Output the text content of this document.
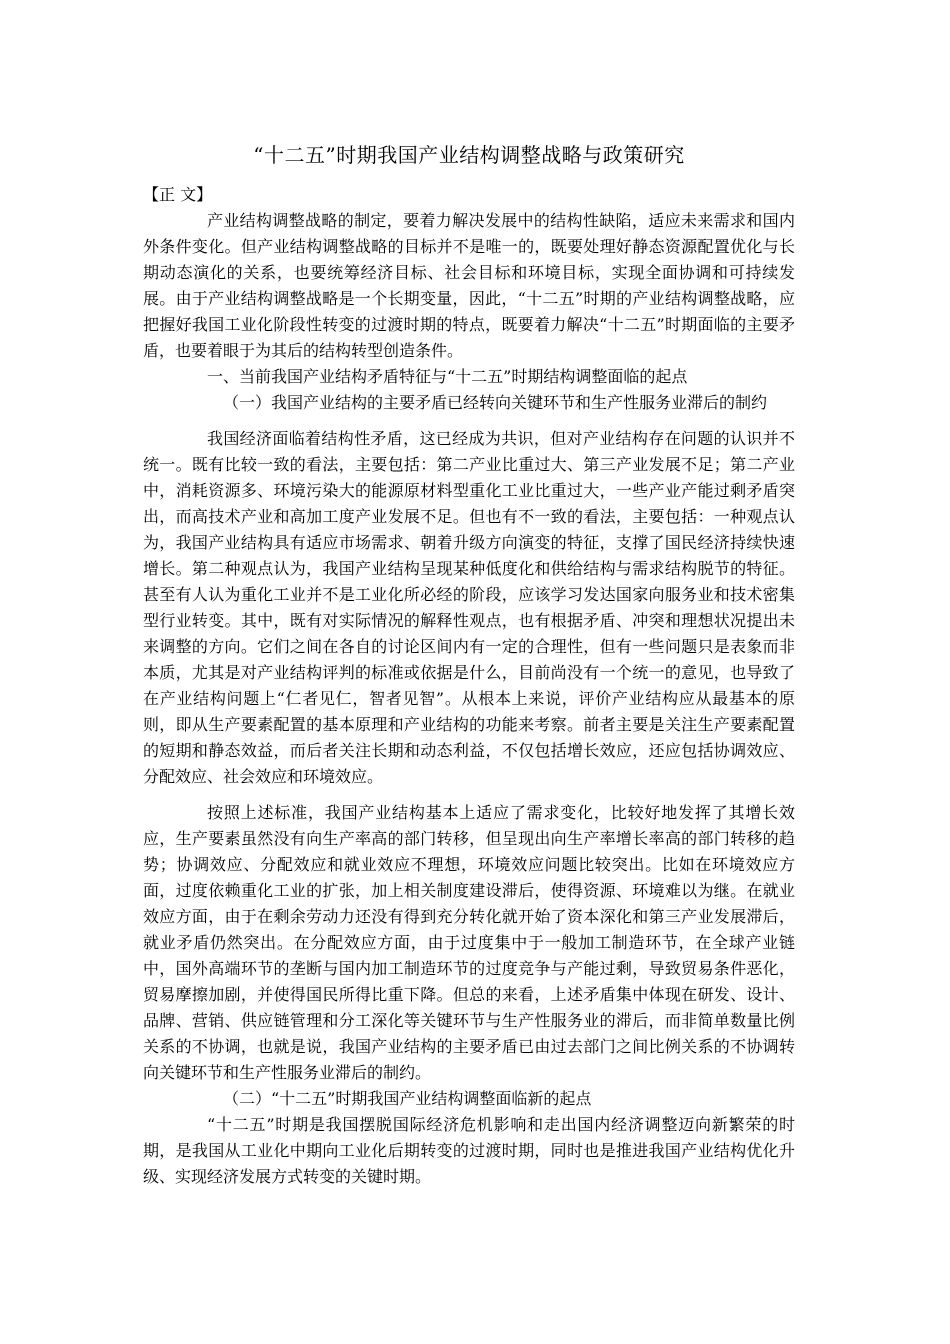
“十二五”时期我国产业结构调整战略与政策研究

【正 文】

产业结构调整战略的制定，要着力解决发展中的结构性缺陷，适应未来需求和国内外条件变化。但产业结构调整战略的目标并不是唯一的，既要处理好静态资源配置优化与长期动态演化的关系，也要统筹经济目标、社会目标和环境目标，实现全面协调和可持续发展。由于产业结构调整战略是一个长期变量，因此，“十二五”时期的产业结构调整战略，应把握好我国工业化阶段性转变的过渡时期的特点，既要着力解决“十二五”时期面临的主要矛盾，也要着眼于为其后的结构转型创造条件。

一、当前我国产业结构矛盾特征与“十二五”时期结构调整面临的起点

（一）我国产业结构的主要矛盾已经转向关键环节和生产性服务业滞后的制约

我国经济面临着结构性矛盾，这已经成为共识，但对产业结构存在问题的认识并不统一。既有比较一致的看法，主要包括：第二产业比重过大、第三产业发展不足；第二产业中，消耗资源多、环境污染大的能源原材料型重化工业比重过大，一些产业产能过剩矛盾突出，而高技术产业和高加工度产业发展不足。但也有不一致的看法，主要包括：一种观点认为，我国产业结构具有适应市场需求、朝着升级方向演变的特征，支撑了国民经济持续快速增长。第二种观点认为，我国产业结构呈现某种低度化和供给结构与需求结构脱节的特征。甚至有人认为重化工业并不是工业化所必经的阶段，应该学习发达国家向服务业和技术密集型行业转变。其中，既有对实际情况的解释性观点，也有根据矛盾、冲突和理想状况提出未来调整的方向。它们之间在各自的讨论区间内有一定的合理性，但有一些问题只是表象而非本质，尤其是对产业结构评判的标准或依据是什么，目前尚没有一个统一的意见，也导致了在产业结构问题上“仁者见仁，智者见智”。从根本上来说，评价产业结构应从最基本的原则，即从生产要素配置的基本原理和产业结构的功能来考察。前者主要是关注生产要素配置的短期和静态效益，而后者关注长期和动态利益，不仅包括增长效应，还应包括协调效应、分配效应、社会效应和环境效应。

按照上述标准，我国产业结构基本上适应了需求变化，比较好地发挥了其增长效应，生产要素虽然没有向生产率高的部门转移，但呈现出向生产率增长率高的部门转移的趋势；协调效应、分配效应和就业效应不理想，环境效应问题比较突出。比如在环境效应方面，过度依赖重化工业的扩张，加上相关制度建设滞后，使得资源、环境难以为继。在就业效应方面，由于在剩余劳动力还没有得到充分转化就开始了资本深化和第三产业发展滞后，就业矛盾仍然突出。在分配效应方面，由于过度集中于一般加工制造环节，在全球产业链中，国外高端环节的垄断与国内加工制造环节的过度竞争与产能过剩，导致贸易条件恶化，贸易摩擦加剧，并使得国民所得比重下降。但总的来看，上述矛盾集中体现在研发、设计、品牌、营销、供应链管理和分工深化等关键环节与生产性服务业的滞后，而非简单数量比例关系的不协调，也就是说，我国产业结构的主要矛盾已由过去部门之间比例关系的不协调转向关键环节和生产性服务业滞后的制约。

（二）“十二五”时期我国产业结构调整面临新的起点

“十二五”时期是我国摆脱国际经济危机影响和走出国内经济调整迈向新繁荣的时期，是我国从工业化中期向工业化后期转变的过渡时期，同时也是推进我国产业结构优化升级、实现经济发展方式转变的关键时期。
